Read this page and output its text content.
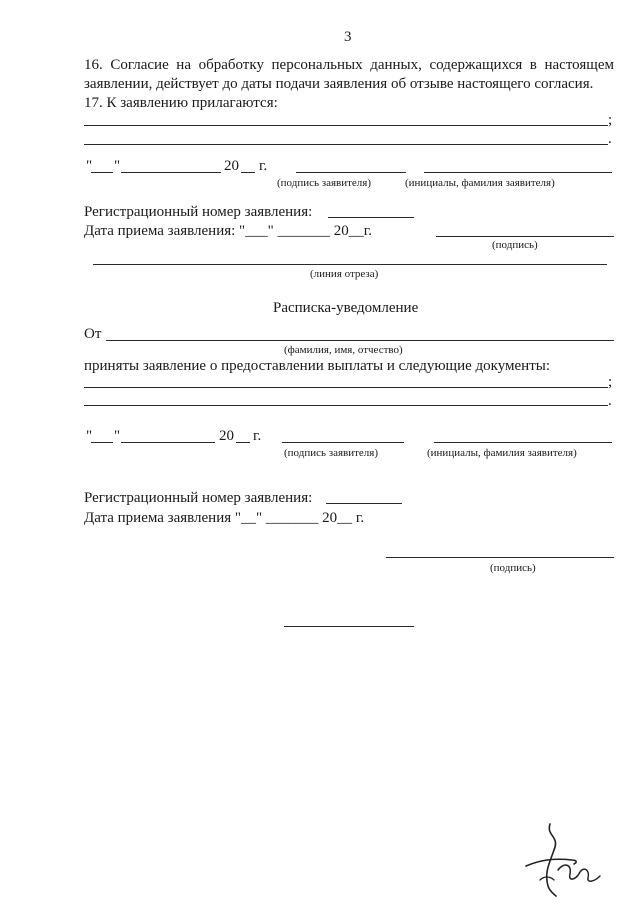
3
16. Согласие на обработку персональных данных, содержащихся в настоящем
заявлении, действует до даты подачи заявления об отзыве настоящего согласия.
17. К заявлению прилагаются:
;
.
" "	20 г.
(подпись заявителя)	(инициалы, фамилия заявителя)
Регистрационный номер заявления:
Дата приема заявления: "___" _______ 20__г.
(подпись)
(линия отреза)
Расписка-уведомление
От
(фамилия, имя, отчество)
приняты заявление о предоставлении выплаты и следующие документы:
;
.
" "	20 г.
(подпись заявителя)	(инициалы, фамилия заявителя)
Регистрационный номер заявления:
Дата приема заявления "__" _______ 20__ г.
(подпись)
